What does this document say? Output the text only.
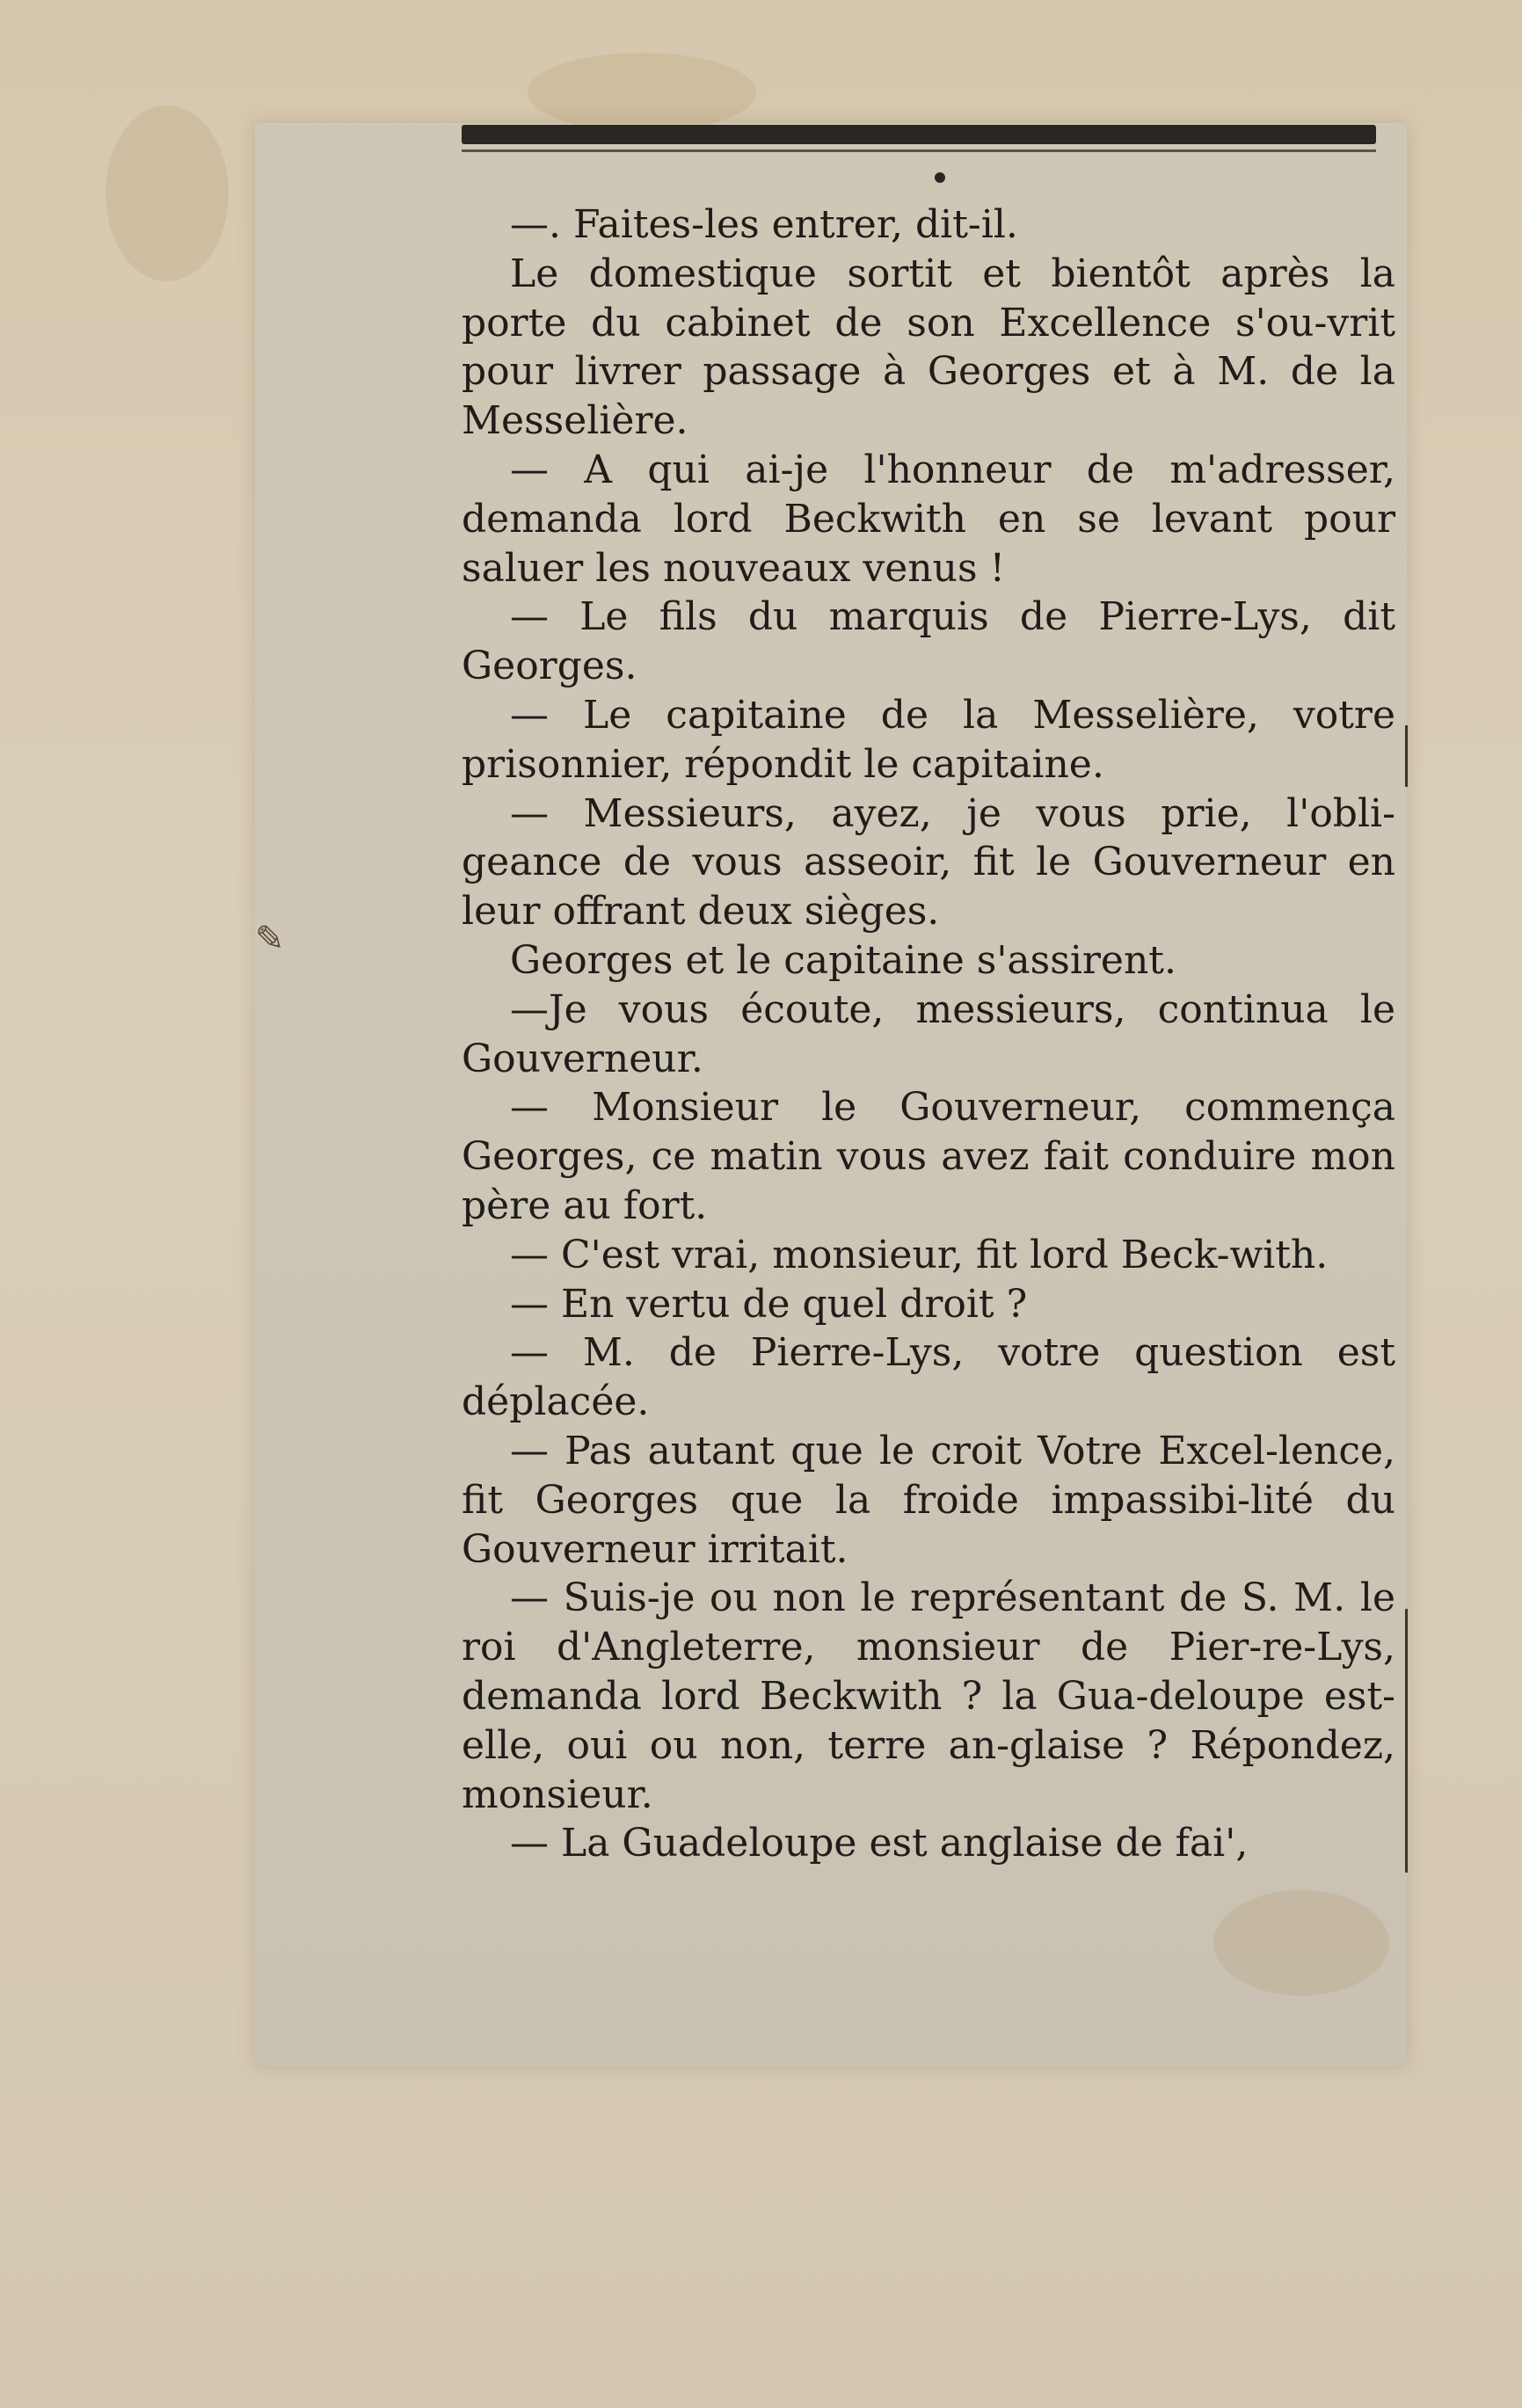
✎

—. Faites-les entrer, dit-il.

Le domestique sortit et bientôt après la porte du cabinet de son Excellence s'ou-vrit pour livrer passage à Georges et à M. de la Messelière.

— A qui ai-je l'honneur de m'adresser, demanda lord Beckwith en se levant pour saluer les nouveaux venus !

— Le fils du marquis de Pierre-Lys, dit Georges.

— Le capitaine de la Messelière, votre prisonnier, répondit le capitaine.

— Messieurs, ayez, je vous prie, l'obli-geance de vous asseoir, fit le Gouverneur en leur offrant deux sièges.

Georges et le capitaine s'assirent.

—Je vous écoute, messieurs, continua le Gouverneur.

— Monsieur le Gouverneur, commença Georges, ce matin vous avez fait conduire mon père au fort.

— C'est vrai, monsieur, fit lord Beck-with.

— En vertu de quel droit ?

— M. de Pierre-Lys, votre question est déplacée.

— Pas autant que le croit Votre Excel-lence, fit Georges que la froide impassibi-lité du Gouverneur irritait.

— Suis-je ou non le représentant de S. M. le roi d'Angleterre, monsieur de Pier-re-Lys, demanda lord Beckwith ? la Gua-deloupe est-elle, oui ou non, terre an-glaise ? Répondez, monsieur.

— La Guadeloupe est anglaise de fai',
